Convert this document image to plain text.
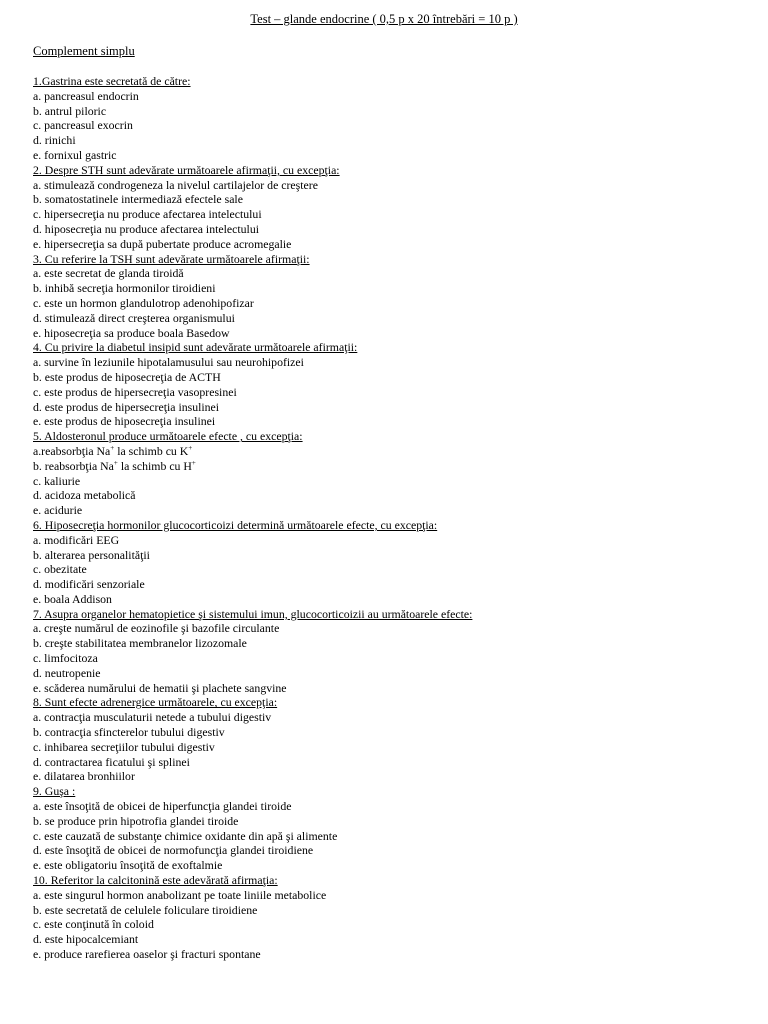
Test – glande endocrine ( 0,5 p x 20 întrebări = 10 p )
Complement simplu
1.Gastrina este secretată de către:
a. pancreasul endocrin
b. antrul piloric
c. pancreasul exocrin
d. rinichi
e. fornixul gastric
2. Despre STH sunt adevărate următoarele afirmaţii, cu excepţia:
a. stimulează condrogeneza la nivelul cartilajelor de creştere
b. somatostatinele intermediază efectele sale
c. hipersecreţia nu produce afectarea intelectului
d. hiposecreţia nu produce afectarea intelectului
e. hipersecreţia sa după pubertate produce acromegalie
3. Cu referire la TSH sunt adevărate următoarele afirmaţii:
a. este secretat de glanda tiroidă
b. inhibă secreţia hormonilor tiroidieni
c. este un hormon glandulotrop adenohipofizar
d. stimulează direct creşterea organismului
e. hiposecreţia sa produce boala Basedow
4. Cu privire la diabetul insipid sunt adevărate următoarele afirmaţii:
a. survine în leziunile hipotalamusului sau neurohipofizei
b. este produs de hiposecreţia de ACTH
c. este produs de hipersecreţia vasopresinei
d. este produs de hipersecreţia insulinei
e. este produs de hiposecreţia insulinei
5. Aldosteronul produce următoarele efecte , cu excepţia:
a.reabsorbţia Na+ la schimb cu K+
b. reabsorbţia Na+ la schimb cu H+
c. kaliurie
d. acidoza metabolică
e. acidurie
6. Hiposecreţia hormonilor glucocorticoizi determină următoarele efecte, cu excepţia:
a. modificări EEG
b. alterarea personalităţii
c. obezitate
d. modificări senzoriale
e. boala Addison
7. Asupra organelor hematopietice şi sistemului imun, glucocorticoizii au următoarele efecte:
a. creşte numărul de eozinofile şi bazofile circulante
b. creşte stabilitatea membranelor lizozomale
c. limfocitoza
d. neutropenie
e. scăderea numărului de hematii şi plachete sangvine
8. Sunt efecte adrenergice următoarele, cu excepţia:
a. contracţia musculaturii netede a tubului digestiv
b. contracţia sfincterelor tubului digestiv
c. inhibarea secreţiilor tubului digestiv
d. contractarea ficatului şi splinei
e. dilatarea bronhiilor
9. Guşa :
a. este însoţită de obicei de hiperfuncţia glandei tiroide
b. se produce prin hipotrofia glandei tiroide
c. este cauzată de substanţe chimice oxidante din apă şi alimente
d. este însoţită de obicei de normofuncţia glandei tiroidiene
e. este obligatoriu însoţită de exoftalmie
10. Referitor la calcitonină este adevărată afirmaţia:
a. este singurul hormon anabolizant pe toate liniile metabolice
b. este secretată de celulele foliculare tiroidiene
c. este conţinută în coloid
d. este hipocalcemiant
e. produce rarefierea oaselor şi fracturi spontane
